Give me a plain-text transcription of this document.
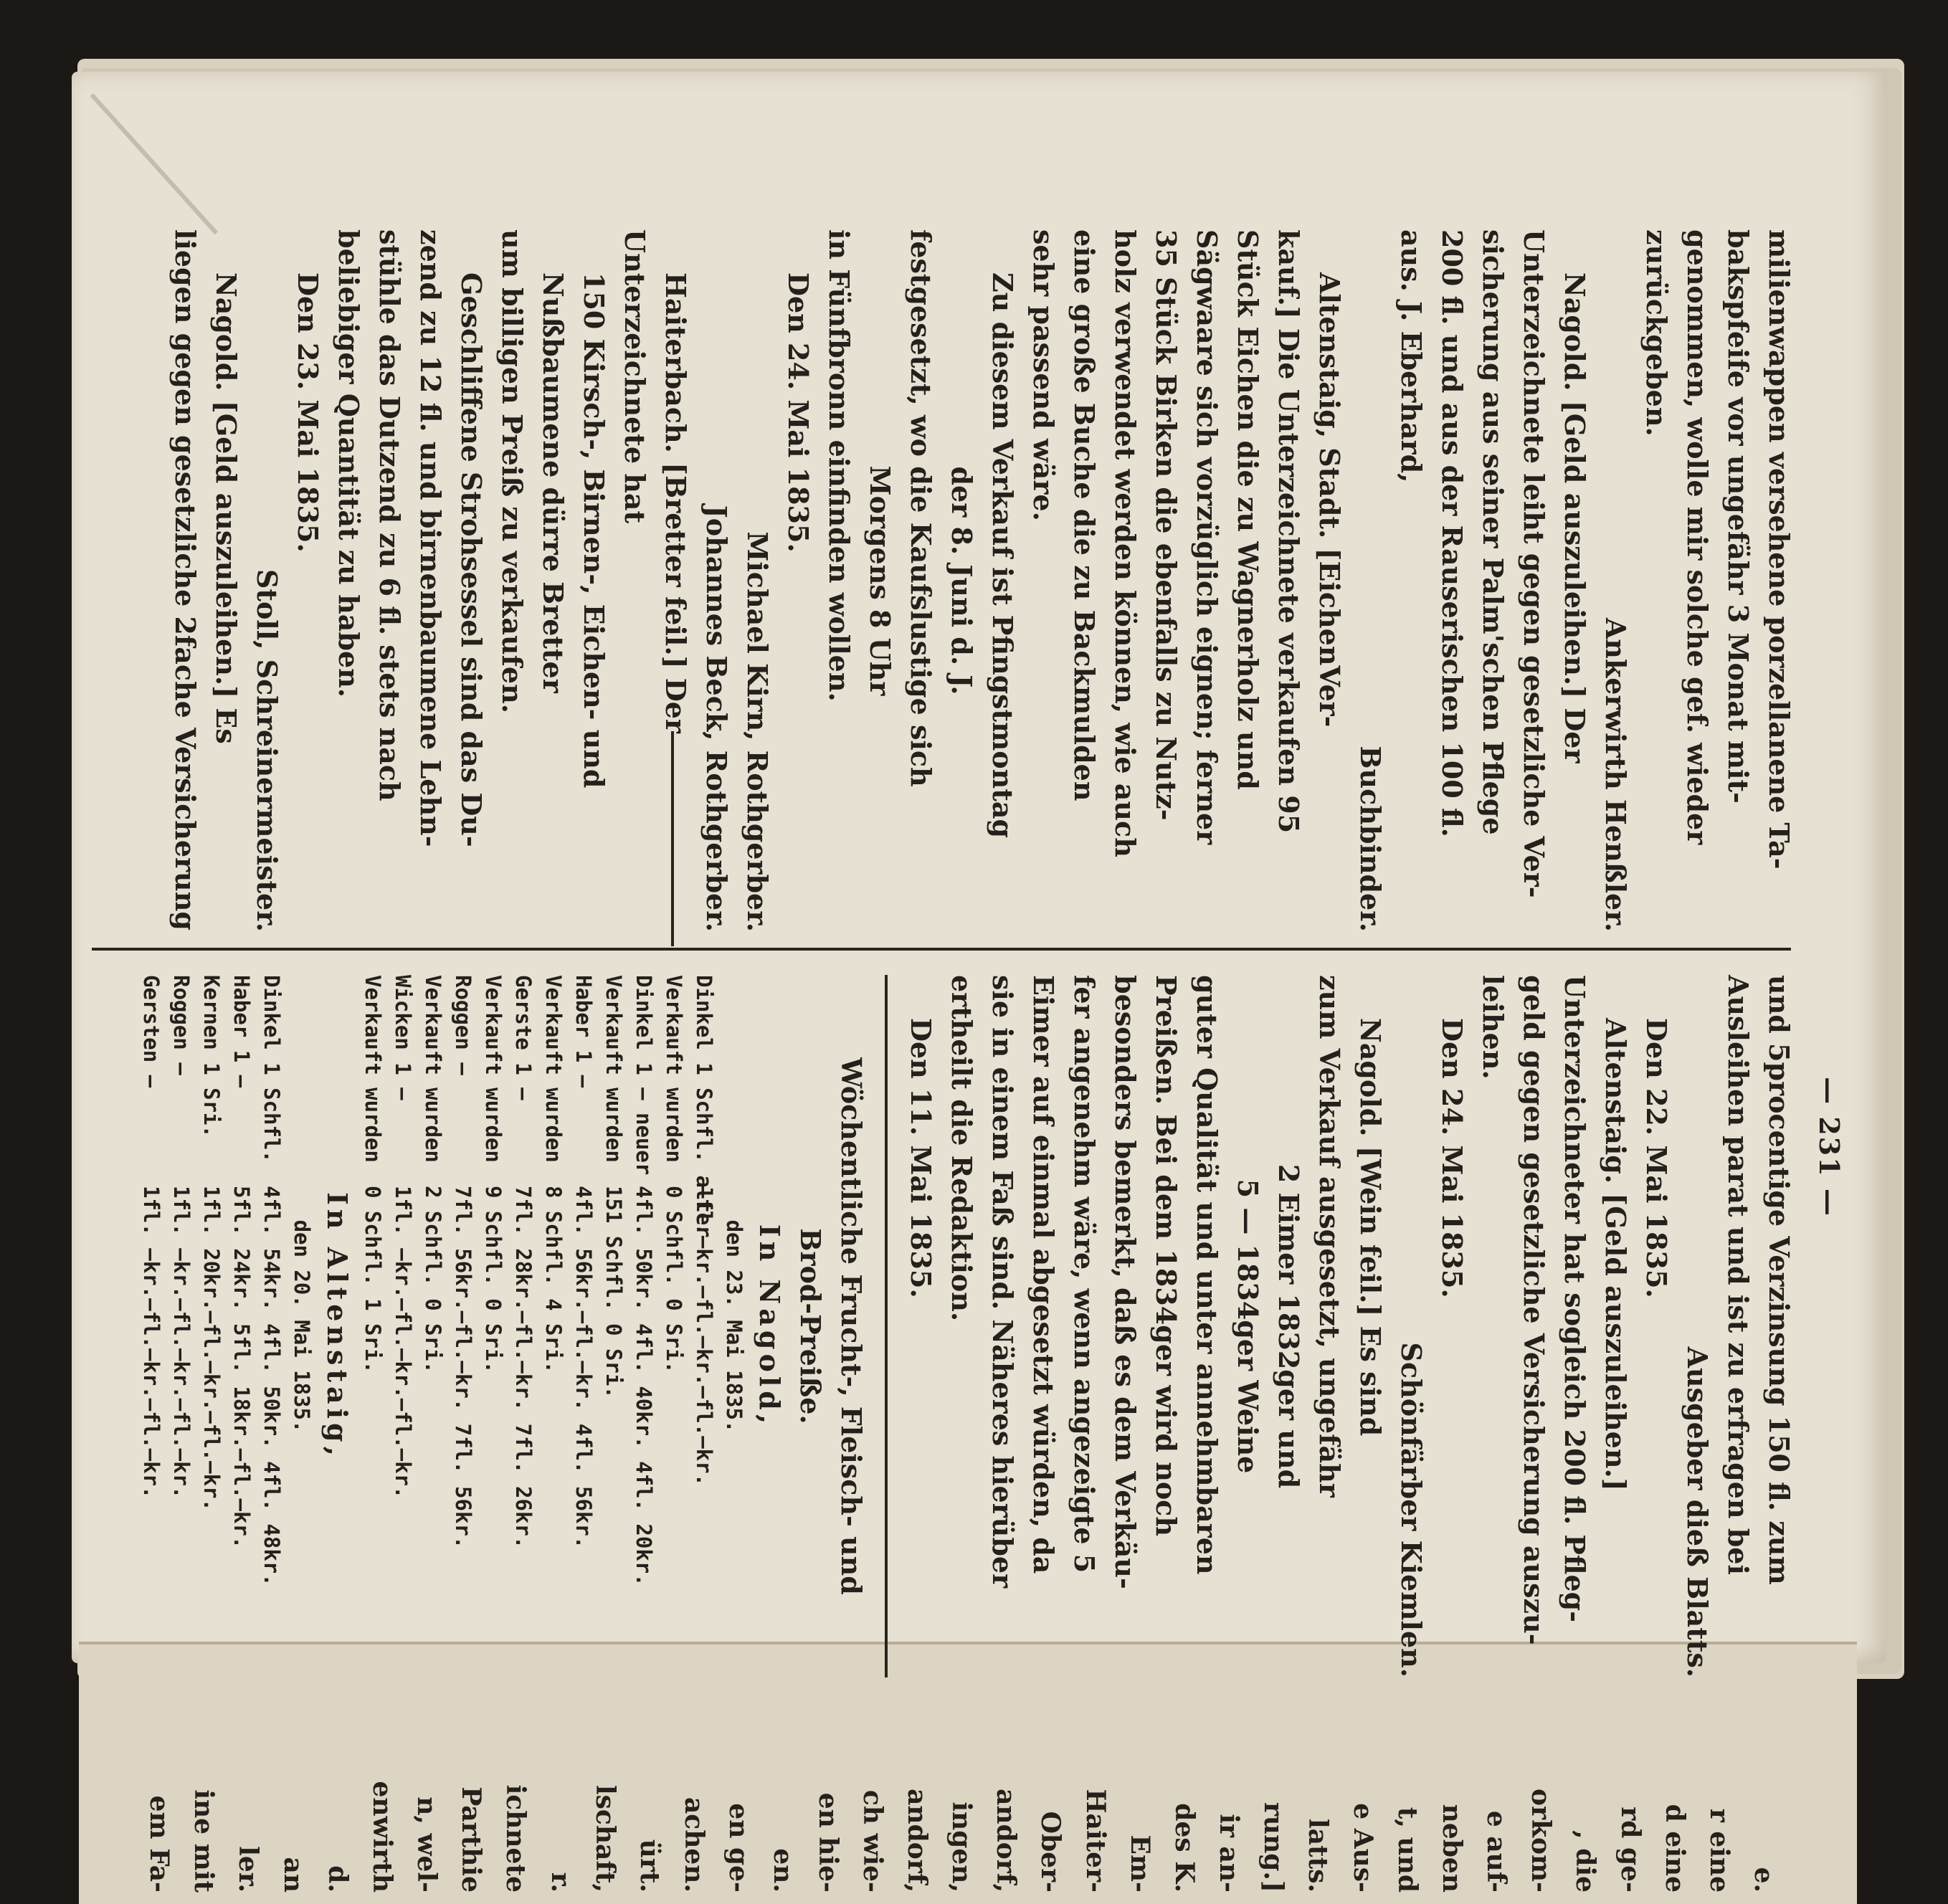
— 231 —
milienwappen versehene porzellanene Ta-
bakspfeife vor ungefähr 3 Monat mit-
genommen, wolle mir solche gef. wieder
zurückgeben.
Ankerwirth Henßler.
Nagold. [Geld auszuleihen.] Der
Unterzeichnete leiht gegen gesetzliche Ver-
sicherung aus seiner Palm'schen Pflege
200 fl. und aus der Rauserischen 100 fl.
aus. J. Eberhard,
Buchbinder.
Altenstaig, Stadt. [EichenVer-
kauf.] Die Unterzeichnete verkaufen 95
Stück Eichen die zu Wagnerholz und
Sägwaare sich vorzüglich eignen; ferner
35 Stück Birken die ebenfalls zu Nutz-
holz verwendet werden können, wie auch
eine große Buche die zu Backmulden
sehr passend wäre.
Zu diesem Verkauf ist Pfingstmontag
der 8. Juni d. J.
festgesetzt, wo die Kaufslustige sich
Morgens 8 Uhr
in Fünfbronn einfinden wollen.
Den 24. Mai 1835.
Michael Kirn, Rothgerber.
Johannes Beck, Rothgerber.
Haiterbach. [Bretter feil.] Der
Unterzeichnete hat
150 Kirsch-, Birnen-, Eichen- und
Nußbaumene dürre Bretter
um billigen Preiß zu verkaufen.
Geschliffene Strohsessel sind das Du-
zend zu 12 fl. und birnenbaumene Lehn-
stühle das Dutzend zu 6 fl. stets nach
beliebiger Quantität zu haben.
Den 23. Mai 1835.
Stoll, Schreinermeister.
Nagold. [Geld auszuleihen.] Es
liegen gegen gesetzliche 2fache Versicherung
und 5procentige Verzinsung 150 fl. zum
Ausleihen parat und ist zu erfragen bei
Ausgeber dieß Blatts.
Den 22. Mai 1835.
Altenstaig. [Geld auszuleihen.]
Unterzeichneter hat sogleich 200 fl. Pfleg-
geld gegen gesetzliche Versicherung auszu-
leihen.
Den 24. Mai 1835.
Schönfärber Kiemlen.
Nagold. [Wein feil.] Es sind
zum Verkauf ausgesetzt, ungefähr
2 Eimer 1832ger und
5 — 1834ger Weine
guter Qualität und unter annehmbaren
Preißen. Bei dem 1834ger wird noch
besonders bemerkt, daß es dem Verkäu-
fer angenehm wäre, wenn angezeigte 5
Eimer auf einmal abgesetzt würden, da
sie in einem Faß sind. Näheres hierüber
ertheilt die Redaktion.
Den 11. Mai 1835.
Wöchentliche Frucht-, Fleisch- und
Brod-Preiße.
In Nagold,
den 23. Mai 1835.
Dinkel 1 Schfl. alter
—fl.—kr.—fl.—kr.—fl.—kr.
Verkauft wurden
0 Schfl. 0 Sri.
Dinkel 1 — neuer
4fl. 50kr. 4fl. 40kr. 4fl. 20kr.
Verkauft wurden
151 Schfl. 0 Sri.
Haber 1 —
4fl. 56kr.—fl.—kr. 4fl. 56kr.
Verkauft wurden
8 Schfl. 4 Sri.
Gerste 1 —
7fl. 28kr.—fl.—kr. 7fl. 26kr.
Verkauft wurden
9 Schfl. 0 Sri.
Roggen —
7fl. 56kr.—fl.—kr. 7fl. 56kr.
Verkauft wurden
2 Schfl. 0 Sri.
Wicken 1 —
1fl. —kr.—fl.—kr.—fl.—kr.
Verkauft wurden
0 Schfl. 1 Sri.
In Altenstaig,
den 20. Mai 1835.
Dinkel 1 Schfl.
4fl. 54kr. 4fl. 50kr. 4fl. 48kr.
Haber 1 —
5fl. 24kr. 5fl. 18kr.—fl.—kr.
Kernen 1 Sri.
1fl. 20kr.—fl.—kr.—fl.—kr.
Roggen —
1fl. —kr.—fl.—kr.—fl.—kr.
Gersten —
1fl. —kr.—fl.—kr.—fl.—kr.
e.
r eine
d eine
rd ge-
, die
orkom-
e auf-
neben
t, und
e Aus-
latts.
rung.]
ir an-
des K.
Em-
Haiter-
Ober-
andorf,
ingen,
andorf,
ch wie-
en hie-
en.
en ge-
achen.
ürt.
lschaft,
r.
ichnete
Parthie
n, wel-
enwirth
d.
an
ler.
ine mit
em Fa-
